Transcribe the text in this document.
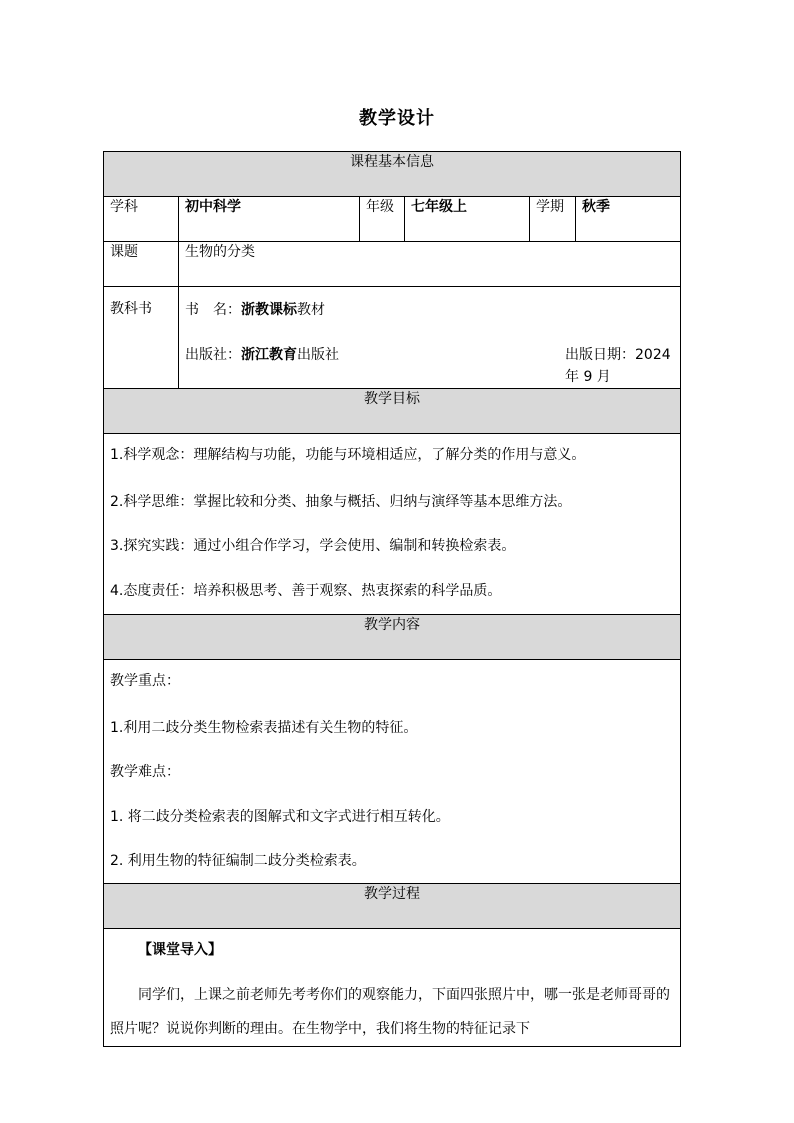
教学设计
课程基本信息					
学科	初中科学	年级	七年级上	学期	秋季
课题	生物的分类				
教科书	书　名：浙教课标教材
出版社：浙江教育出版社 出版日期：2024 年 9 月				

教学目标					

1.科学观念：理解结构与功能，功能与环境相适应，了解分类的作用与意义。
2.科学思维：掌握比较和分类、抽象与概括、归纳与演绎等基本思维方法。
3.探究实践：通过小组合作学习，学会使用、编制和转换检索表。
4.态度责任：培养积极思考、善于观察、热衷探索的科学品质。					

教学内容					

教学重点：
1.利用二歧分类生物检索表描述有关生物的特征。
教学难点：
1. 将二歧分类检索表的图解式和文字式进行相互转化。
2. 利用生物的特征编制二歧分类检索表。					

教学过程					

【课堂导入】
同学们，上课之前老师先考考你们的观察能力，下面四张照片中，哪一张是老师哥哥的照片呢？说说你判断的理由。在生物学中，我们将生物的特征记录下					
